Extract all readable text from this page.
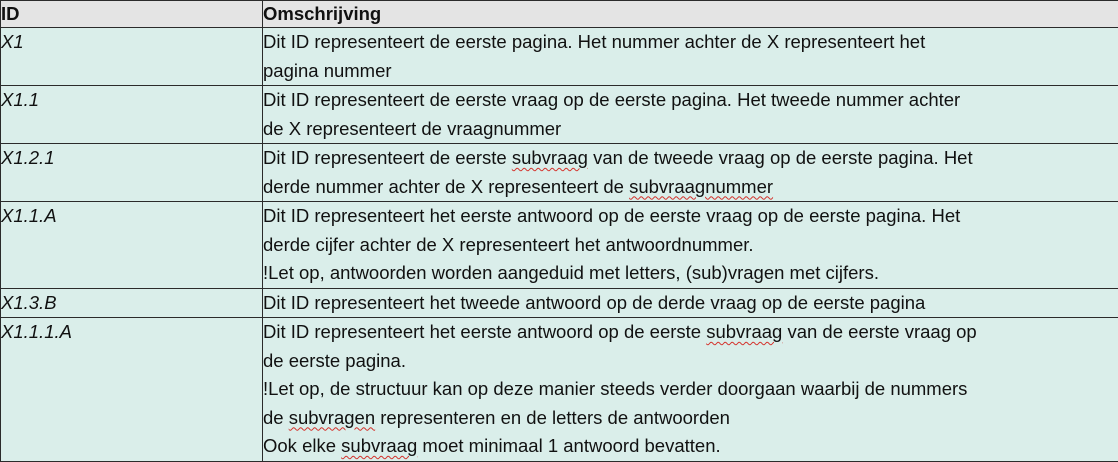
ID	Omschrijving
X1	Dit ID representeert de eerste pagina. Het nummer achter de X representeert het
pagina nummer

X1.1	Dit ID representeert de eerste vraag op de eerste pagina. Het tweede nummer achter
de X representeert de vraagnummer

X1.2.1	Dit ID representeert de eerste subvraag van de tweede vraag op de eerste pagina. Het
derde nummer achter de X representeert de subvraagnummer

X1.1.A	Dit ID representeert het eerste antwoord op de eerste vraag op de eerste pagina. Het
derde cijfer achter de X representeert het antwoordnummer.
!Let op, antwoorden worden aangeduid met letters, (sub)vragen met cijfers.

X1.3.B	Dit ID representeert het tweede antwoord op de derde vraag op de eerste pagina

X1.1.1.A	Dit ID representeert het eerste antwoord op de eerste subvraag van de eerste vraag op
de eerste pagina.
!Let op, de structuur kan op deze manier steeds verder doorgaan waarbij de nummers
de subvragen representeren en de letters de antwoorden
Ook elke subvraag moet minimaal 1 antwoord bevatten.
